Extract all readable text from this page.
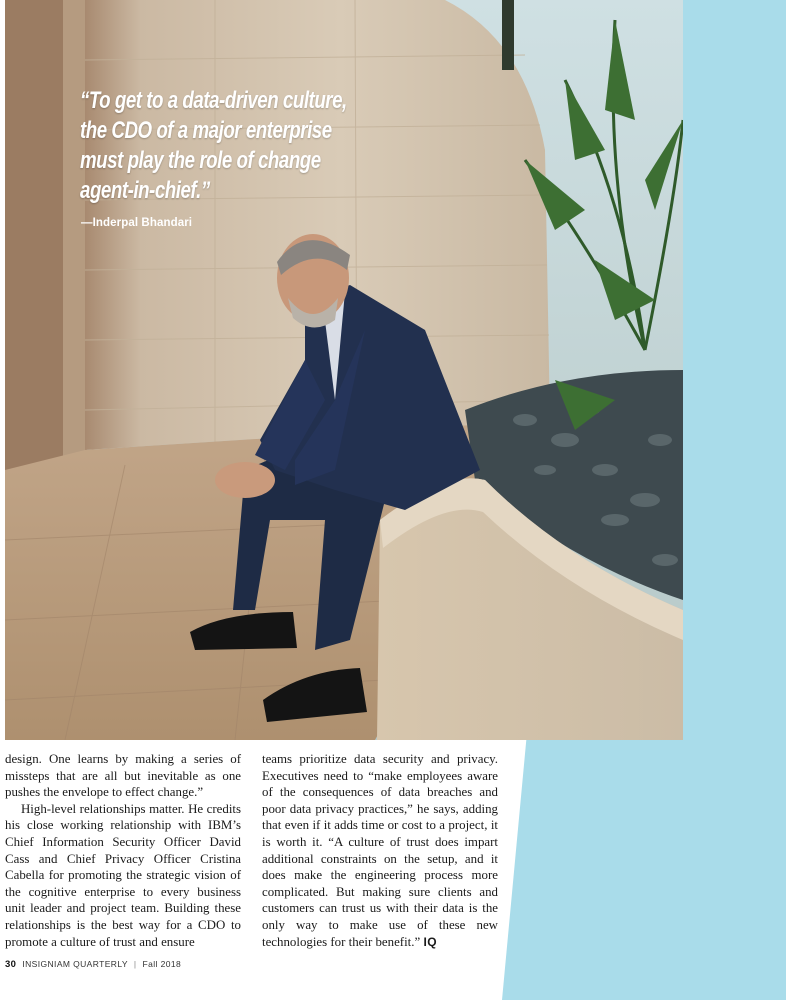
“To get to a data-driven culture,
the CDO of a major enterprise
must play the role of change
agent-in-chief.”
—Inderpal Bhandari

design. One learns by making a series of missteps that are all but inevitable as one pushes the envelope to effect change.”

High-level relationships matter. He credits his close working relationship with IBM’s Chief Information Security Officer David Cass and Chief Privacy Officer Cristina Cabella for promoting the strategic vision of the cognitive enterprise to every business unit leader and project team. Building these relationships is the best way for a CDO to promote a culture of trust and ensure

teams prioritize data security and privacy. Executives need to “make employees aware of the consequences of data breaches and poor data privacy practices,” he says, adding that even if it adds time or cost to a project, it is worth it. “A culture of trust does impart additional constraints on the setup, and it does make the engineering process more complicated. But making sure clients and customers can trust us with their data is the only way to make use of these new technologies for their benefit.” IQ

30 INSIGNIAM QUARTERLY | Fall 2018
